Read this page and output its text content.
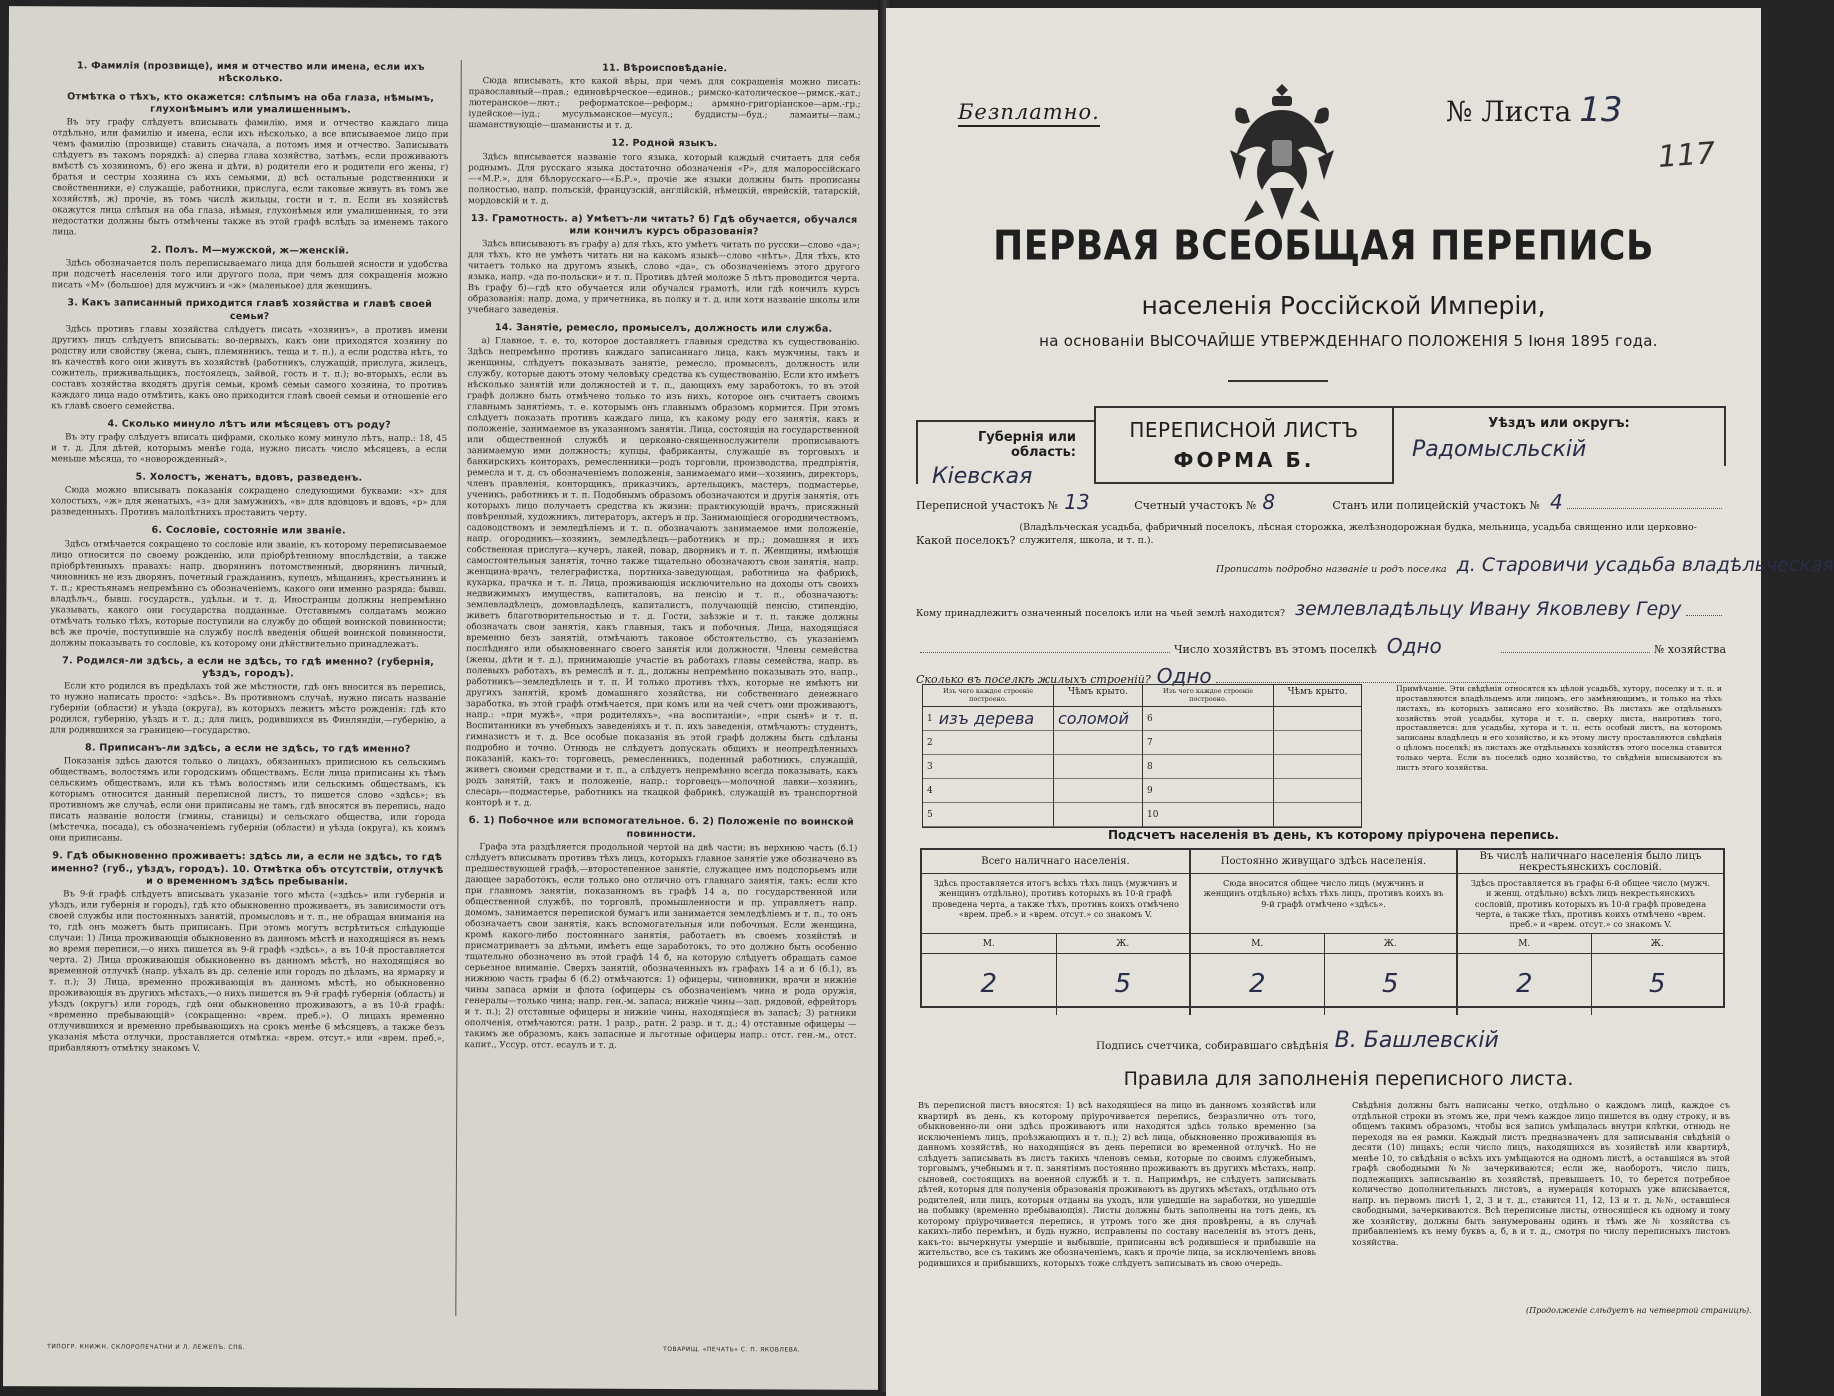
1. Фамилія (прозвище), имя и отчество или имена, если ихъ нѣсколько.
Отмѣтка о тѣхъ, кто окажется: слѣпымъ на оба глаза, нѣмымъ, глухонѣмымъ или умалишеннымъ.
Въ эту графу слѣдуетъ вписывать фамилію, имя и отчество каждаго лица отдѣльно, или фамилію и имена, если ихъ нѣсколько, а все вписываемое лицо при чемъ фамилію (прозвище) ставить сначала, а потомъ имя и отчество. Записывать слѣдуетъ въ такомъ порядкѣ: а) сперва глава хозяйства, затѣмъ, если проживаютъ вмѣстѣ съ хозяиномъ, б) его жена и дѣти, в) родители его и родители его жены, г) братья и сестры хозяина съ ихъ семьями, д) всѣ остальные родственники и свойственники, е) служащіе, работники, прислуга, если таковые живутъ въ томъ же хозяйствѣ, ж) прочіе, въ томъ числѣ жильцы, гости и т. п. Если въ хозяйствѣ окажутся лица слѣпыя на оба глаза, нѣмыя, глухонѣмыя или умалишенныя, то эти недостатки должны быть отмѣчены также въ этой графѣ вслѣдъ за именемъ такого лица.
2. Полъ. М—мужской, ж—женскій.
Здѣсь обозначается полъ переписываемаго лица для большей ясности и удобства при подсчетѣ населенія того или другого пола, при чемъ для сокращенія можно писать «М» (большое) для мужчинъ и «ж» (маленькое) для женщинъ.
3. Какъ записанный приходится главѣ хозяйства и главѣ своей семьи?
Здѣсь противъ главы хозяйства слѣдуетъ писать «хозяинъ», а противъ имени другихъ лицъ слѣдуетъ вписывать: во-первыхъ, какъ они приходятся хозяину по родству или свойству (жена, сынъ, племянникъ, теща и т. п.), а если родства нѣтъ, то въ качествѣ кого они живутъ въ хозяйствѣ (работникъ, служащій, прислуга, жилецъ, сожитель, приживальщикъ, постоялецъ, зайвой, гость и т. п.); во-вторыхъ, если въ составъ хозяйства входятъ другія семьи, кромѣ семьи самого хозяина, то противъ каждаго лица надо отмѣтить, какъ оно приходится главѣ своей семьи и отношеніе его къ главѣ своего семейства.
4. Сколько минуло лѣтъ или мѣсяцевъ отъ роду?
Въ эту графу слѣдуетъ вписать цифрами, сколько кому минуло лѣтъ, напр.: 18, 45 и т. д. Для дѣтей, которымъ менѣе года, нужно писать число мѣсяцевъ, а если меньше мѣсяца, то «новорожденный».
5. Холостъ, женатъ, вдовъ, разведенъ.
Сюда можно вписывать показанія сокращено следующими буквами: «х» для холостыхъ, «ж» для женатыхъ, «з» для замужнихъ, «в» для вдовцовъ и вдовъ, «р» для разведенныхъ. Противъ малолѣтнихъ проставить черту.
6. Сословіе, состояніе или званіе.
Здѣсь отмѣчается сокращено то сословіе или званіе, къ которому переписываемое лицо относится по своему рожденію, или пріобрѣтенному впослѣдствіи, а также пріобрѣтенныхъ правахъ: напр. дворянинъ потомственный, дворянинъ личный, чиновникъ не изъ дворянъ, почетный гражданинъ, купецъ, мѣщанинъ, крестьянинъ и т. п.; крестьянамъ непремѣнно съ обозначеніемъ, какого они именно разряда: бывш. владѣльч., бывш. государств., удѣльн. и т. д. Иностранцы должны непремѣнно указывать, какого они государства подданные. Отставнымъ солдатамъ можно отмѣчать только тѣхъ, которые поступили на службу до общей воинской повинности; всѣ же прочіе, поступившіе на службу послѣ введенія общей воинской повинности, должны показывать то сословіе, къ которому они дѣйствительно принадлежатъ.
7. Родился-ли здѣсь, а если не здѣсь, то гдѣ именно? (губернія, уѣздъ, городъ).
Если кто родился въ предѣлахъ той же мѣстности, гдѣ онъ вносится въ перепись, то нужно написать просто: «здѣсь». Въ противномъ случаѣ, нужно писать названіе губерніи (области) и уѣзда (округа), въ которыхъ лежитъ мѣсто рожденія: гдѣ кто родился, губернію, уѣздъ и т. д.; для лицъ, родившихся въ Финляндіи,—губернію, а для родившихся за границею—государство.
8. Приписанъ-ли здѣсь, а если не здѣсь, то гдѣ именно?
Показанія здѣсь даются только о лицахъ, обязанныхъ приписною къ сельскимъ обществамъ, волостямъ или городскимъ обществамъ. Если лица приписаны къ тѣмъ сельскимъ обществамъ, или къ тѣмъ волостямъ или сельскимъ обществамъ, къ которымъ относится данный переписной листъ, то пишется слово «здѣсь»; въ противномъ же случаѣ, если они приписаны не тамъ, гдѣ вносятся въ перепись, надо писать названіе волости (гмины, станицы) и сельскаго общества, или города (мѣстечка, посада), съ обозначеніемъ губерніи (области) и уѣзда (округа), къ коимъ они приписаны.
9. Гдѣ обыкновенно проживаетъ: здѣсь ли, а если не здѣсь, то гдѣ именно? (губ., уѣздъ, городъ). 10. Отмѣтка объ отсутствіи, отлучкѣ и о временномъ здѣсь пребываніи.
Въ 9-й графѣ слѣдуетъ вписывать указаніе того мѣста («здѣсь» или губернія и уѣздъ, или губернія и городъ), гдѣ кто обыкновенно проживаетъ, въ зависимости отъ своей службы или постоянныхъ занятій, промысловъ и т. п., не обращая вниманія на то, гдѣ онъ можетъ быть приписанъ. При этомъ могутъ встрѣтиться слѣдующіе случаи: 1) Лица проживающія обыкновенно въ данномъ мѣстѣ и находящіяся въ немъ во время переписи,—о нихъ пишется въ 9-й графѣ «здѣсь», а въ 10-й проставляется черта. 2) Лица проживающія обыкновенно въ данномъ мѣстѣ, но находящіяся во временной отлучкѣ (напр. уѣхалъ въ др. селеніе или городъ по дѣламъ, на ярмарку и т. п.); 3) Лица, временно проживающія въ данномъ мѣстѣ, но обыкновенно проживающія въ другихъ мѣстахъ,—о нихъ пишется въ 9-й графѣ губернія (область) и уѣздъ (округъ) или городъ, гдѣ они обыкновенно проживаютъ, а въ 10-й графѣ: «временно пребывающій» (сокращенно: «врем. преб.»). О лицахъ временно отлучившихся и временно пребывающихъ на срокъ менѣе 6 мѣсяцевъ, а также безъ указанія мѣста отлучки, проставляется отмѣтка: «врем. отсут.» или «врем. преб.», прибавляютъ отмѣтку знакомъ V.
11. Вѣроисповѣданіе.
Сюда вписывать, кто какой вѣры, при чемъ для сокращенія можно писать: православный—прав.; единовѣрческое—единов.; римско-католическое—римск.-кат.; лютеранское—лют.; реформатское—реформ.; армяно-григоріанское—арм.-гр.; іудейское—іуд.; мусульманское—мусул.; буддисты—буд.; ламаиты—лам.; шаманствующіе—шаманисты и т. д.
12. Родной языкъ.
Здѣсь вписывается названіе того языка, который каждый считаетъ для себя роднымъ. Для русскаго языка достаточно обозначенія «Р», для малороссійскаго—«М.Р.», для бѣлорусскаго—«Б.Р.», прочіе же языки должны быть прописаны полностью, напр. польскій, французскій, англійскій, нѣмецкій, еврейскій, татарскій, мордовскій и т. д.
13. Грамотность. а) Умѣетъ-ли читать? б) Гдѣ обучается, обучался или кончилъ курсъ образованія?
Здѣсь вписываютъ въ графу а) для тѣхъ, кто умѣетъ читать по русски—слово «да»; для тѣхъ, кто не умѣетъ читать ни на какомъ языкѣ—слово «нѣтъ». Для тѣхъ, кто читаетъ только на другомъ языкѣ, слово «да», съ обозначеніемъ этого другого языка, напр. «да по-польски» и т. п. Противъ дѣтей моложе 5 лѣтъ проводится черта. Въ графу б)—гдѣ кто обучается или обучался грамотѣ, или гдѣ кончилъ курсъ образованія: напр. дома, у причетника, въ полку и т. д. или хотя названіе школы или учебнаго заведенія.
14. Занятіе, ремесло, промыселъ, должность или служба.
а) Главное, т. е. то, которое доставляетъ главныя средства къ существованію. Здѣсь непремѣнно противъ каждаго записаннаго лица, какъ мужчины, такъ и женщины, слѣдуетъ показывать занятіе, ремесло, промыселъ, должность или службу, которые даютъ этому человѣку средства къ существованію. Если кто имѣетъ нѣсколько занятій или должностей и т. п., дающихъ ему заработокъ, то въ этой графѣ должно быть отмѣчено только то изъ нихъ, которое онъ считаетъ своимъ главнымъ занятіемъ, т. е. которымъ онъ главнымъ образомъ кормится. При этомъ слѣдуетъ показать противъ каждаго лица, къ какому роду его занятія, какъ и положеніе, занимаемое въ указанномъ занятіи. Лица, состоящія на государственной или общественной службѣ и церковно-священнослужители прописываютъ занимаемую ими должность; купцы, фабриканты, служащіе въ торговыхъ и банкирскихъ конторахъ, ремесленники—родъ торговли, производства, предпріятія, ремесла и т. д. съ обозначеніемъ положенія, занимаемаго ими—хозяинъ, директоръ, членъ правленія, конторщикъ, приказчикъ, артельщикъ, мастеръ, подмастерье, ученикъ, работникъ и т. п. Подобнымъ образомъ обозначаются и другія занятія, отъ которыхъ лицо получаетъ средства къ жизни: практикующій врачъ, присяжный повѣренный, художникъ, литераторъ, актеръ и пр. Занимающіеся огородничествомъ, садоводствомъ и земледѣліемъ и т. п. обозначаютъ занимаемое ими положеніе, напр. огородникъ—хозяинъ, земледѣлецъ—работникъ и пр.; домашняя и ихъ собственная прислуга—кучеръ, лакей, повар, дворникъ и т. п. Женщины, имѣющія самостоятельныя занятія, точно также тщательно обозначаютъ свои занятія, напр. женщина-врачъ, телеграфистка, портниха-заведующая, работница на фабрикѣ, кухарка, прачка и т. п. Лица, проживающія исключительно на доходы отъ своихъ недвижимыхъ имуществъ, капиталовъ, на пенсію и т. п., обозначаютъ: землевладѣлецъ, домовладѣлецъ, капиталистъ, получающій пенсію, стипендію, живетъ благотворительностью и т. д. Гости, заѣзжіе и т. п. также должны обозначать свои занятія, какъ главныя, такъ и побочныя. Лица, находящіяся временно безъ занятій, отмѣчаютъ таковое обстоятельство, съ указаніемъ послѣдняго или обыкновеннаго своего занятія или должности. Члены семейства (жены, дѣти и т. д.), принимающіе участіе въ работахъ главы семейства, напр. въ полевыхъ работахъ, въ ремеслѣ и т. д., должны непремѣнно показывать это, напр., работникъ—земледѣлецъ и т. п. И только противъ тѣхъ, которые не имѣютъ ни другихъ занятій, кромѣ домашняго хозяйства, ни собственнаго денежнаго заработка, въ этой графѣ отмѣчается, при комъ или на чей счетъ они проживаютъ, напр.: «при мужѣ», «при родителяхъ», «на воспитаніи», «при сынѣ» и т. п. Воспитанники въ учебныхъ заведеніяхъ и т. п. ихъ заведенія, отмѣчаютъ: студентъ, гимназистъ и т. д. Все особые показанія въ этой графѣ должны быть сдѣланы подробно и точно. Отнюдь не слѣдуетъ допускать общихъ и неопредѣленныхъ показаній, какъ-то: торговецъ, ремесленникъ, поденный работникъ, служащій, живетъ своими средствами и т. п., а слѣдуетъ непремѣнно всегда показывать, какъ родъ занятій, такъ и положеніе, напр.: торговецъ—молочной лавки—хозяинъ, слесарь—подмастерье, работникъ на ткацкой фабрикѣ, служащій въ транспортной конторѣ и т. д.
б. 1) Побочное или вспомогательное. б. 2) Положеніе по воинской повинности.
Графа эта раздѣляется продольной чертой на двѣ части; въ верхнюю часть (б.1) слѣдуетъ вписывать противъ тѣхъ лицъ, которыхъ главное занятіе уже обозначено въ предшествующей графѣ,—второстепенное занятіе, служащее имъ подспорьемъ или дающее заработокъ, если только оно отлично отъ главнаго занятія, такъ: если кто при главномъ занятіи, показанномъ въ графѣ 14 а, по государственной или общественной службѣ, по торговлѣ, промышленности и пр. управляетъ напр. домомъ, занимается перепиской бумагъ или занимается земледѣліемъ и т. п., то онъ обозначаетъ свои занятія, какъ вспомогательныя или побочныя. Если женщина, кромѣ какого-либо постояннаго занятія, работаетъ въ своемъ хозяйствѣ и присматриваетъ за дѣтьми, имѣетъ еще заработокъ, то это должно быть особенно тщательно обозначено въ этой графѣ 14 б, на которую слѣдуетъ обращать самое серьезное вниманіе. Сверхъ занятій, обозначенныхъ въ графахъ 14 а и б (б.1), въ нижнюю часть графы б (б.2) отмѣчаются: 1) офицеры, чиновники, врачи и нижніе чины запаса арміи и флота (офицеры съ обозначеніемъ чина и рода оружія, генералы—только чина; напр. ген.-м. запаса; нижніе чины—зап. рядовой, ефрейторъ и т. п.); 2) отставные офицеры и нижніе чины, находящіеся въ запасѣ; 3) ратники ополченія, отмѣчаются: ратн. 1 разр., ратн. 2 разр. и т. д.; 4) отставные офицеры — такимъ же образомъ, какъ запасные и льготные офицеры напр.: отст. ген.-м., отст. капит., Уссур. отст. есаулъ и т. д.
ТИПОГР. КНИЖН. СКЛОРОПЕЧАТНИ И Л. ЛЕЖЕПЪ. СПБ.	ТОВАРИЩ. «ПЕЧАТЬ» С. П. ЯКОВЛЕВА.
Безплатно.	№ Листа 13
117
ПЕРВАЯ ВСЕОБЩАЯ ПЕРЕПИСЬ
населенія Россійской Имперіи,
на основаніи ВЫСОЧАЙШЕ УТВЕРЖДЕННАГО ПОЛОЖЕНІЯ 5 Іюня 1895 года.
Губернія или область:
Кіевская
ПЕРЕПИСНОЙ ЛИСТЪ
ФОРМА Б.
Уѣздъ или округъ:
Радомысльскій
Переписной участокъ № 13	Счетный участокъ № 8	Станъ или полицейскій участокъ № 4
Какой поселокъ?
(Владѣльческая усадьба, фабричный поселокъ, лѣсная сторожка, желѣзнодорожная будка, мельница, усадьба священно или церковно-служителя, школа, и т. п.).
Прописать подробно названіе и родъ поселка д. Стаpовичи усадьба владѣльческая
Кому принадлежитъ означенный поселокъ или на чьей землѣ находится? землевладѣльцу Ивану Яковлеву Геру
Число хозяйствъ въ этомъ поселкѣ Одно	№ хозяйства
Сколько въ поселкѣ жилыхъ строеній? Одно
Изъ чего каждое строеніе построено.
Чѣмъ крыто.
1 изъ деревa соломой
2
3
4
5
Изъ чего каждое строеніе построено.
Чѣмъ крыто.
6
7
8
9
10
Примѣчаніе. Эти свѣдѣнія относятся къ цѣлой усадьбѣ, хутору, поселку и т. п. и проставляются владѣльцемъ или лицомъ, его замѣняющимъ, и только на тѣхъ листахъ, въ которыхъ записано его хозяйство. Въ листахъ же отдѣльныхъ хозяйствъ этой усадьбы, хутора и т. п. сверху листа, напротивъ того, проставляется: для усадьбы, хутора и т. п. есть особый листъ, на которомъ записаны владѣлецъ и его хозяйство, и къ этому листу проставляются свѣдѣнія о цѣломъ поселкѣ; въ листахъ же отдѣльныхъ хозяйствъ этого поселка ставится только черта. Если въ поселкѣ одно хозяйство, то свѣдѣнія вписываются въ листъ этого хозяйства.
Подсчетъ населенія въ день, къ которому пріурочена перепись.
Всего наличнаго населенія.
Здѣсь проставляется итогъ всѣхъ тѣхъ лицъ (мужчинъ и женщинъ отдѣльно), противъ которыхъ въ 10-й графѣ проведена черта, а также тѣхъ, противъ коихъ отмѣчено «врем. преб.» и «врем. отсут.» со знакомъ V.
М.	Ж.
2	5
Постоянно живущаго здѣсь населенія.
Сюда вносится общее число лицъ (мужчинъ и женщинъ отдѣльно) всѣхъ тѣхъ лицъ, противъ коихъ въ 9-й графѣ отмѣчено «здѣсь».
М.	Ж.
2	5
Въ числѣ наличнаго населенія было лицъ некрестьянскихъ сословій.
Здѣсь проставляется въ графы 6-й общее число (мужч. и женщ. отдѣльно) всѣхъ лицъ некрестьянскихъ сословій, противъ которыхъ въ 10-й графѣ проведена черта, а также тѣхъ, противъ коихъ отмѣчено «врем. преб.» и «врем. отсут.» со знакомъ V.
М.	Ж.
2	5
Подпись счетчика, собиравшаго свѣдѣнія В. Башлевскій
Правила для заполненія переписного листа.
Въ переписной листъ вносятся: 1) всѣ находящіеся на лицо въ данномъ хозяйствѣ или квартирѣ въ день, къ которому пріурочивается перепись, безразлично отъ того, обыкновенно-ли они здѣсь проживаютъ или находятся здѣсь только временно (за исключеніемъ лицъ, проѣзжающихъ и т. п.); 2) всѣ лица, обыкновенно проживающія въ данномъ хозяйствѣ, но находящіяся въ день переписи во временной отлучкѣ. Но не слѣдуетъ записывать въ листъ такихъ членовъ семьи, которые по своимъ служебнымъ, торговымъ, учебнымъ и т. п. занятіямъ постоянно проживаютъ въ другихъ мѣстахъ, напр. сыновей, состоящихъ на военной службѣ и т. п. Напримѣръ, не слѣдуетъ записывать дѣтей, которыя для полученія образованія проживаютъ въ другихъ мѣстахъ, отдѣльно отъ родителей, или лицъ, которыя отданы на уходъ, или ушедшіе на заработки, но ушедшіе на побывку (временно пребывающія). Листы должны быть заполнены на тотъ день, къ которому пріурочивается перепись, и утромъ того же дня провѣрены, а въ случаѣ какихъ-либо перемѣнъ, и будь нужно, исправлены по составу населенія въ этотъ день, какъ-то: вычеркнуты умершіе и выбывшіе, приписаны всѣ родившіеся и прибывшіе на жительство, все съ такимъ же обозначеніемъ, какъ и прочіе лица, за исключеніемъ вновь родившихся и прибывшихъ, которыхъ тоже слѣдуетъ записывать въ свою очередь.
Свѣдѣнія должны быть написаны четко, отдѣльно о каждомъ лицѣ, каждое съ отдѣльной строки въ этомъ же, при чемъ каждое лицо пишется въ одну строку, и въ общемъ такимъ образомъ, чтобы вся запись умѣщалась внутри клѣтки, отнюдь не переходя на ея рамки. Каждый листъ предназначенъ для записыванія свѣдѣній о десяти (10) лицахъ; если число лицъ, находящихся въ хозяйствѣ или квартирѣ, менѣе 10, то свѣдѣнія о всѣхъ ихъ умѣщаются на одномъ листѣ, а оставшіяся въ этой графѣ свободными №№ зачеркиваются; если же, наоборотъ, число лицъ, подлежащихъ записыванію въ хозяйствѣ, превышаетъ 10, то берется потребное количество дополнительныхъ листовъ, а нумерація которыхъ уже вписывается, напр. въ первомъ листѣ 1, 2, 3 и т. д., ставится 11, 12, 13 и т. д. №№, оставшіеся свободными, зачеркиваются. Всѣ переписные листы, относящіеся къ одному и тому же хозяйству, должны быть занумерованы одинъ и тѣмъ же № хозяйства съ прибавленіемъ къ нему буквъ а, б, в и т. д., смотря по числу переписныхъ листовъ хозяйства.
(Продолженіе слѣдуетъ на четвертой страницѣ).
